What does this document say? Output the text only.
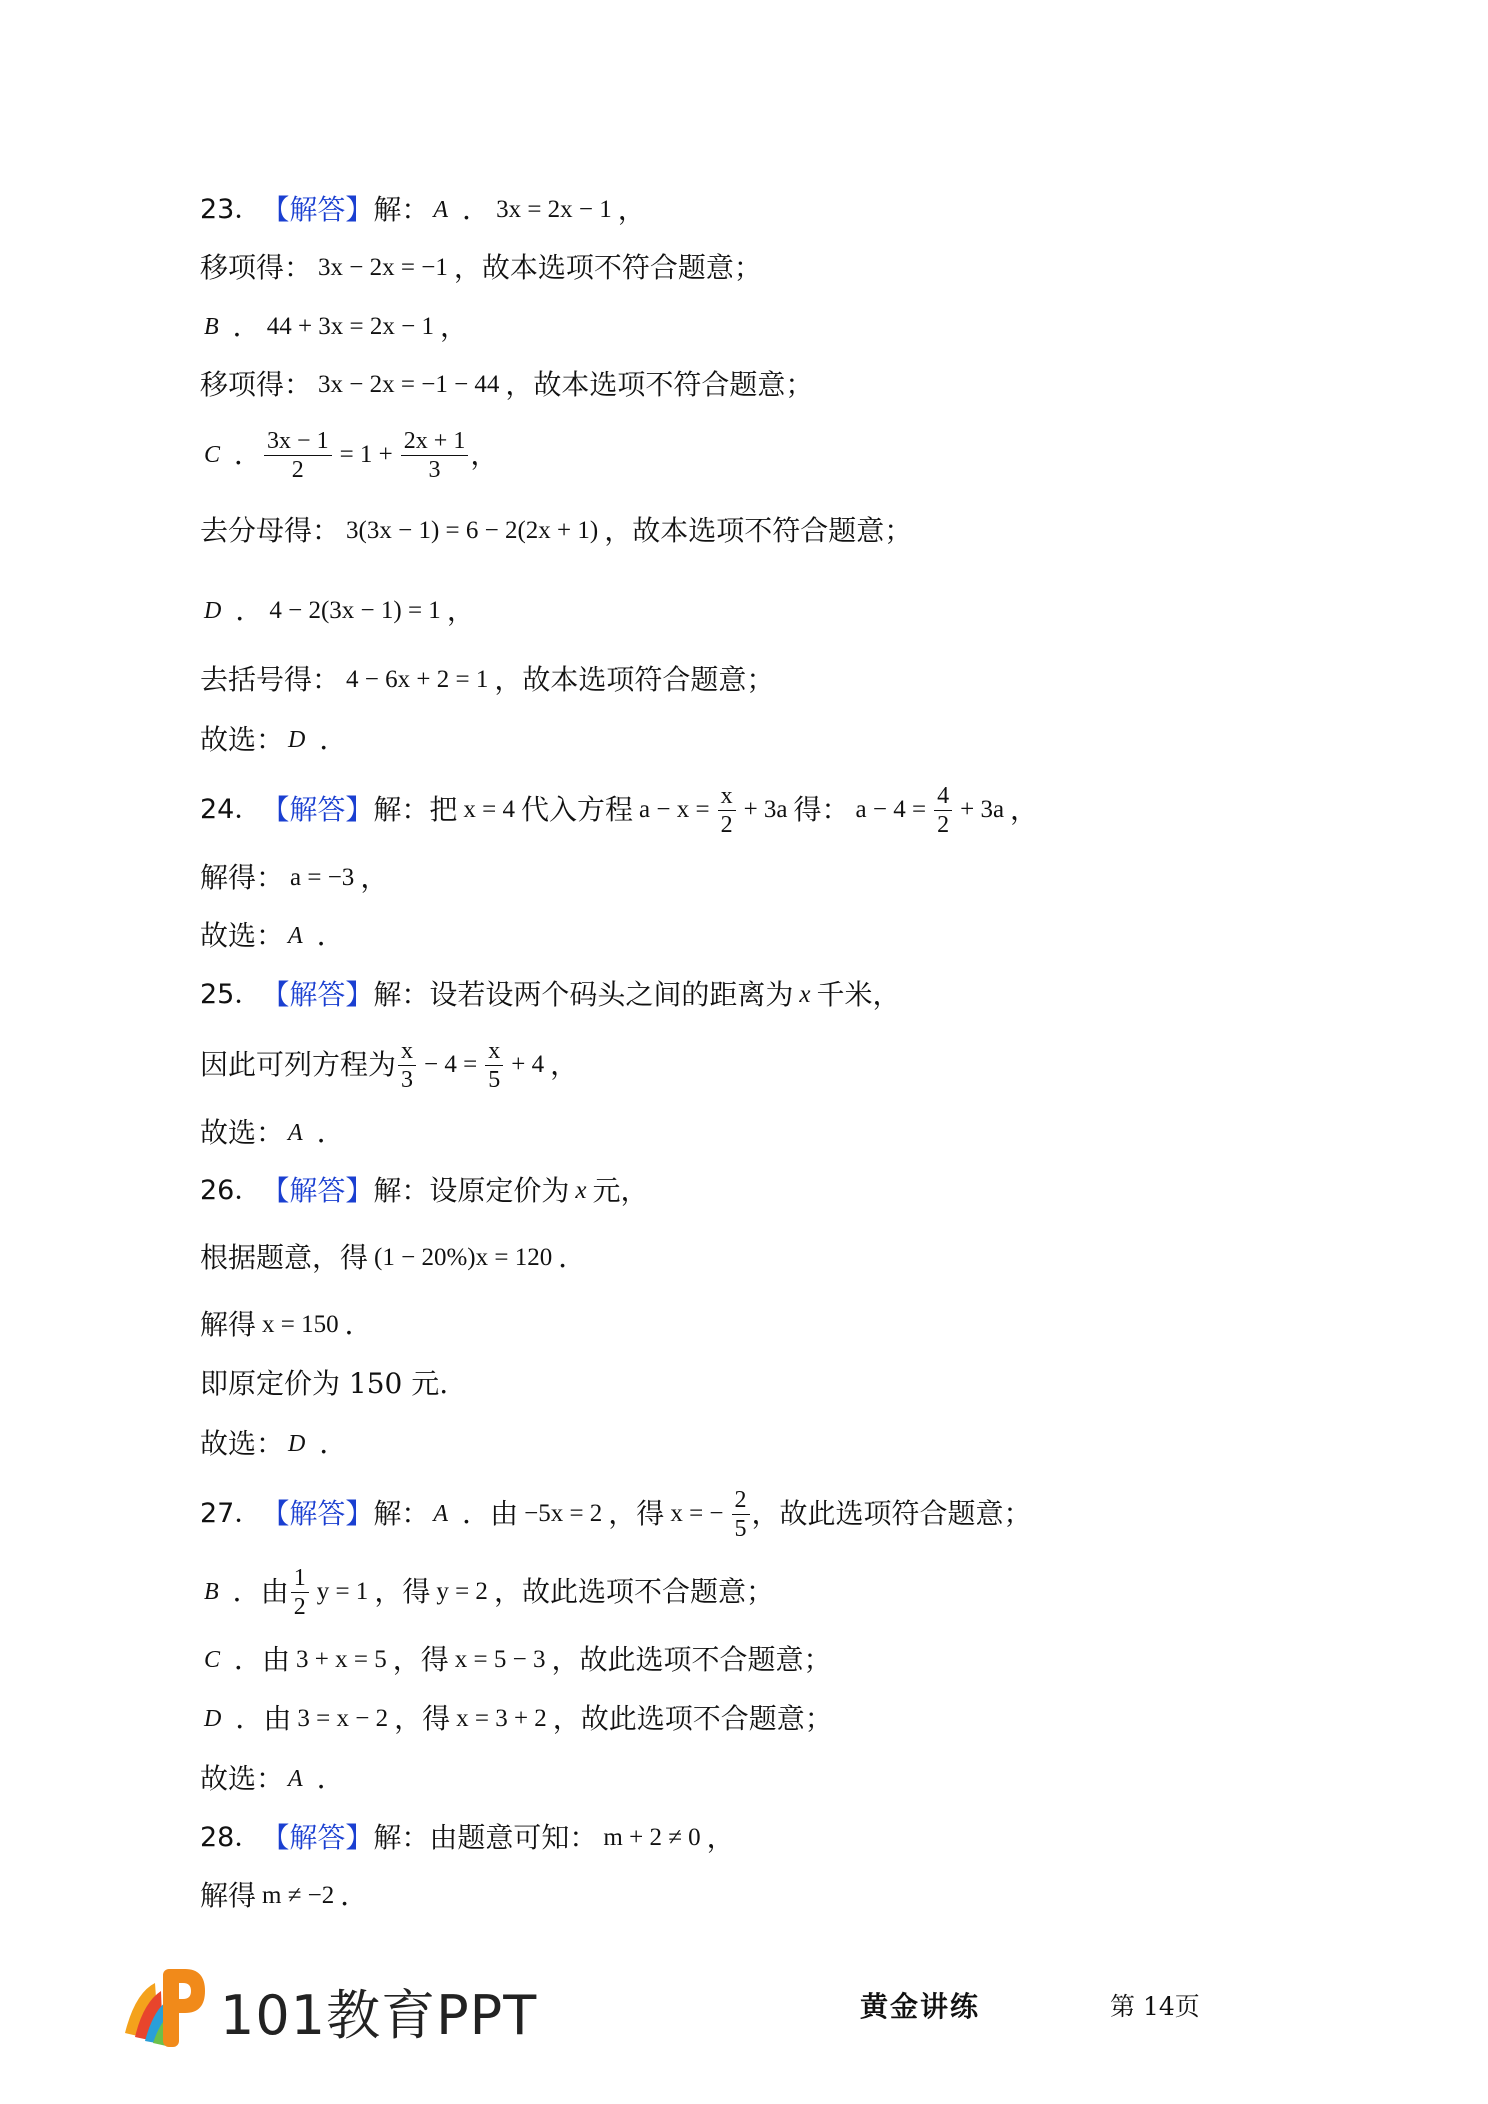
23． 【解答】 解： A ． 3x = 2x − 1 ，
移项得： 3x − 2x = −1 ，故本选项不符合题意；
B ． 44 + 3x = 2x − 1 ，
移项得： 3x − 2x = −1 − 44 ，故本选项不符合题意；
C ． $\frac{3x - 1}{2} = 1 + \frac{2x + 1}{3}$ ，
去分母得： 3(3x − 1) = 6 − 2(2x + 1) ，故本选项不符合题意；
D ． 4 − 2(3x − 1) = 1 ，
去括号得： 4 − 6x + 2 = 1 ，故本选项符合题意；
故选： D ．
24． 【解答】 解： 把 x = 4 代入方程 $a - x = \frac{x}{2} + 3a$ 得： $a - 4 = \frac{4}{2} + 3a$ ，
解得： a = −3 ，
故选： A ．
25． 【解答】 解： 设若设两个码头之间的距离为 x 千米，
因此可列方程为 $\frac{x}{3} - 4 = \frac{x}{5} + 4$ ，
故选： A ．
26． 【解答】 解： 设原定价为 x 元，
根据题意，得 (1 − 20%)x = 120 ．
解得 x = 150 ．
即原定价为 150 元.
故选： D ．
27． 【解答】 解： A ． 由 −5x = 2 ，得 x = − $\frac{2}{5}$ ，故此选项符合题意；
B ． 由 $\frac{1}{2}$ y = 1 ，得 y = 2 ，故此选项不合题意；
C ． 由 3 + x = 5 ，得 x = 5 − 3 ，故此选项不合题意；
D ． 由 3 = x − 2 ，得 x = 3 + 2 ，故此选项不合题意；
故选： A ．
28． 【解答】 解： 由题意可知： m + 2 ≠ 0 ，
解得 m ≠ −2 ．
101教育PPT	黄金讲练	第 14页
